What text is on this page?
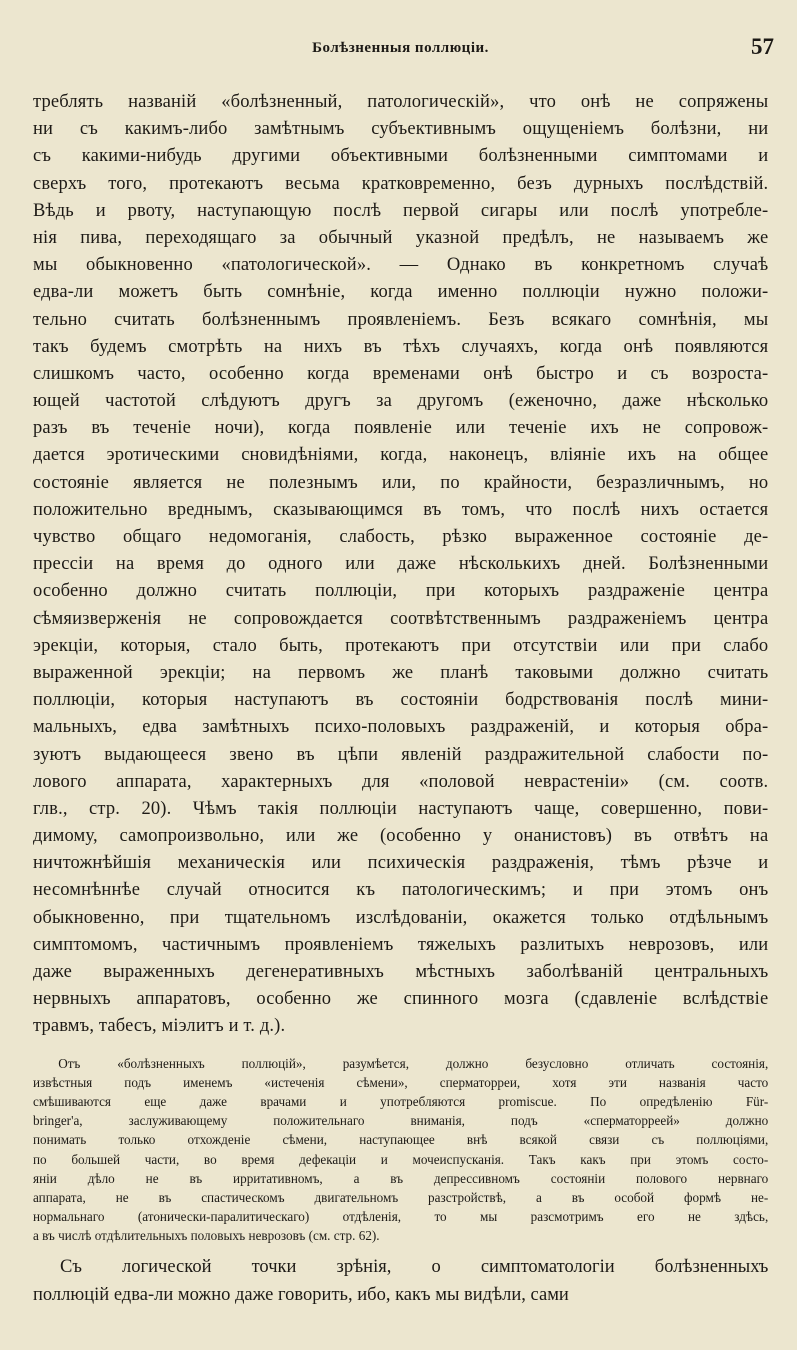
Болѣзненныя поллюціи.	57
треблять названій «болѣзненный, патологическій», что онѣ не сопряжены
ни съ какимъ-либо замѣтнымъ субъективнымъ ощущеніемъ болѣзни, ни
съ какими-нибудь другими объективными болѣзненными симптомами и
сверхъ того, протекаютъ весьма кратковременно, безъ дурныхъ послѣдствій.
Вѣдь и рвоту, наступающую послѣ первой сигары или послѣ употребле-
нія пива, переходящаго за обычный указной предѣлъ, не называемъ же
мы обыкновенно «патологической». — Однако въ конкретномъ случаѣ
едва-ли можетъ быть сомнѣніе, когда именно поллюціи нужно положи-
тельно считать болѣзненнымъ проявленіемъ. Безъ всякаго сомнѣнія, мы
такъ будемъ смотрѣть на нихъ въ тѣхъ случаяхъ, когда онѣ появляются
слишкомъ часто, особенно когда временами онѣ быстро и съ возроста-
ющей частотой слѣдуютъ другъ за другомъ (еженочно, даже нѣсколько
разъ въ теченіе ночи), когда появленіе или теченіе ихъ не сопровож-
дается эротическими сновидѣніями, когда, наконецъ, вліяніе ихъ на общее
состояніе является не полезнымъ или, по крайности, безразличнымъ, но
положительно вреднымъ, сказывающимся въ томъ, что послѣ нихъ остается
чувство общаго недомоганія, слабость, рѣзко выраженное состояніе де-
прессіи на время до одного или даже нѣсколькихъ дней. Болѣзненными
особенно должно считать поллюціи, при которыхъ раздраженіе центра
сѣмяизверженія не сопровождается соотвѣтственнымъ раздраженіемъ центра
эрекціи, которыя, стало быть, протекаютъ при отсутствіи или при слабо
выраженной эрекціи; на первомъ же планѣ таковыми должно считать
поллюціи, которыя наступаютъ въ состояніи бодрствованія послѣ мини-
мальныхъ, едва замѣтныхъ психо-половыхъ раздраженій, и которыя обра-
зуютъ выдающееся звено въ цѣпи явленій раздражительной слабости по-
лового аппарата, характерныхъ для «половой неврастеніи» (см. соотв.
глв., стр. 20). Чѣмъ такія поллюціи наступаютъ чаще, совершенно, пови-
димому, самопроизвольно, или же (особенно у онанистовъ) въ отвѣтъ на
ничтожнѣйшія механическія или психическія раздраженія, тѣмъ рѣзче и
несомнѣннѣе случай относится къ патологическимъ; и при этомъ онъ
обыкновенно, при тщательномъ изслѣдованіи, окажется только отдѣльнымъ
симптомомъ, частичнымъ проявленіемъ тяжелыхъ разлитыхъ неврозовъ, или
даже выраженныхъ дегенеративныхъ мѣстныхъ заболѣваній центральныхъ
нервныхъ аппаратовъ, особенно же спинного мозга (сдавленіе вслѣдствіе
травмъ, табесъ, міэлитъ и т. д.).
Отъ «болѣзненныхъ поллюцій», разумѣется, должно безусловно отличать состоянія,
извѣстныя подъ именемъ «истеченія сѣмени», сперматорреи, хотя эти названія часто
смѣшиваются еще даже врачами и употребляются promiscue. По опредѣленію Für-
bringer'a, заслуживающему положительнаго вниманія, подъ «сперматорреей» должно
понимать только отхожденіе сѣмени, наступающее внѣ всякой связи съ поллюціями,
по большей части, во время дефекаціи и мочеиспусканія. Такъ какъ при этомъ состо-
яніи дѣло не въ ирритативномъ, а въ депрессивномъ состояніи полового нервнаго
аппарата, не въ спастическомъ двигательномъ разстройствѣ, а въ особой формѣ не-
нормальнаго (атонически-паралитическаго) отдѣленія, то мы разсмотримъ его не здѣсь,
а въ числѣ отдѣлительныхъ половыхъ неврозовъ (см. стр. 62).
Съ логической точки зрѣнія, о симптоматологіи болѣзненныхъ
поллюцій едва-ли можно даже говорить, ибо, какъ мы видѣли, сами
